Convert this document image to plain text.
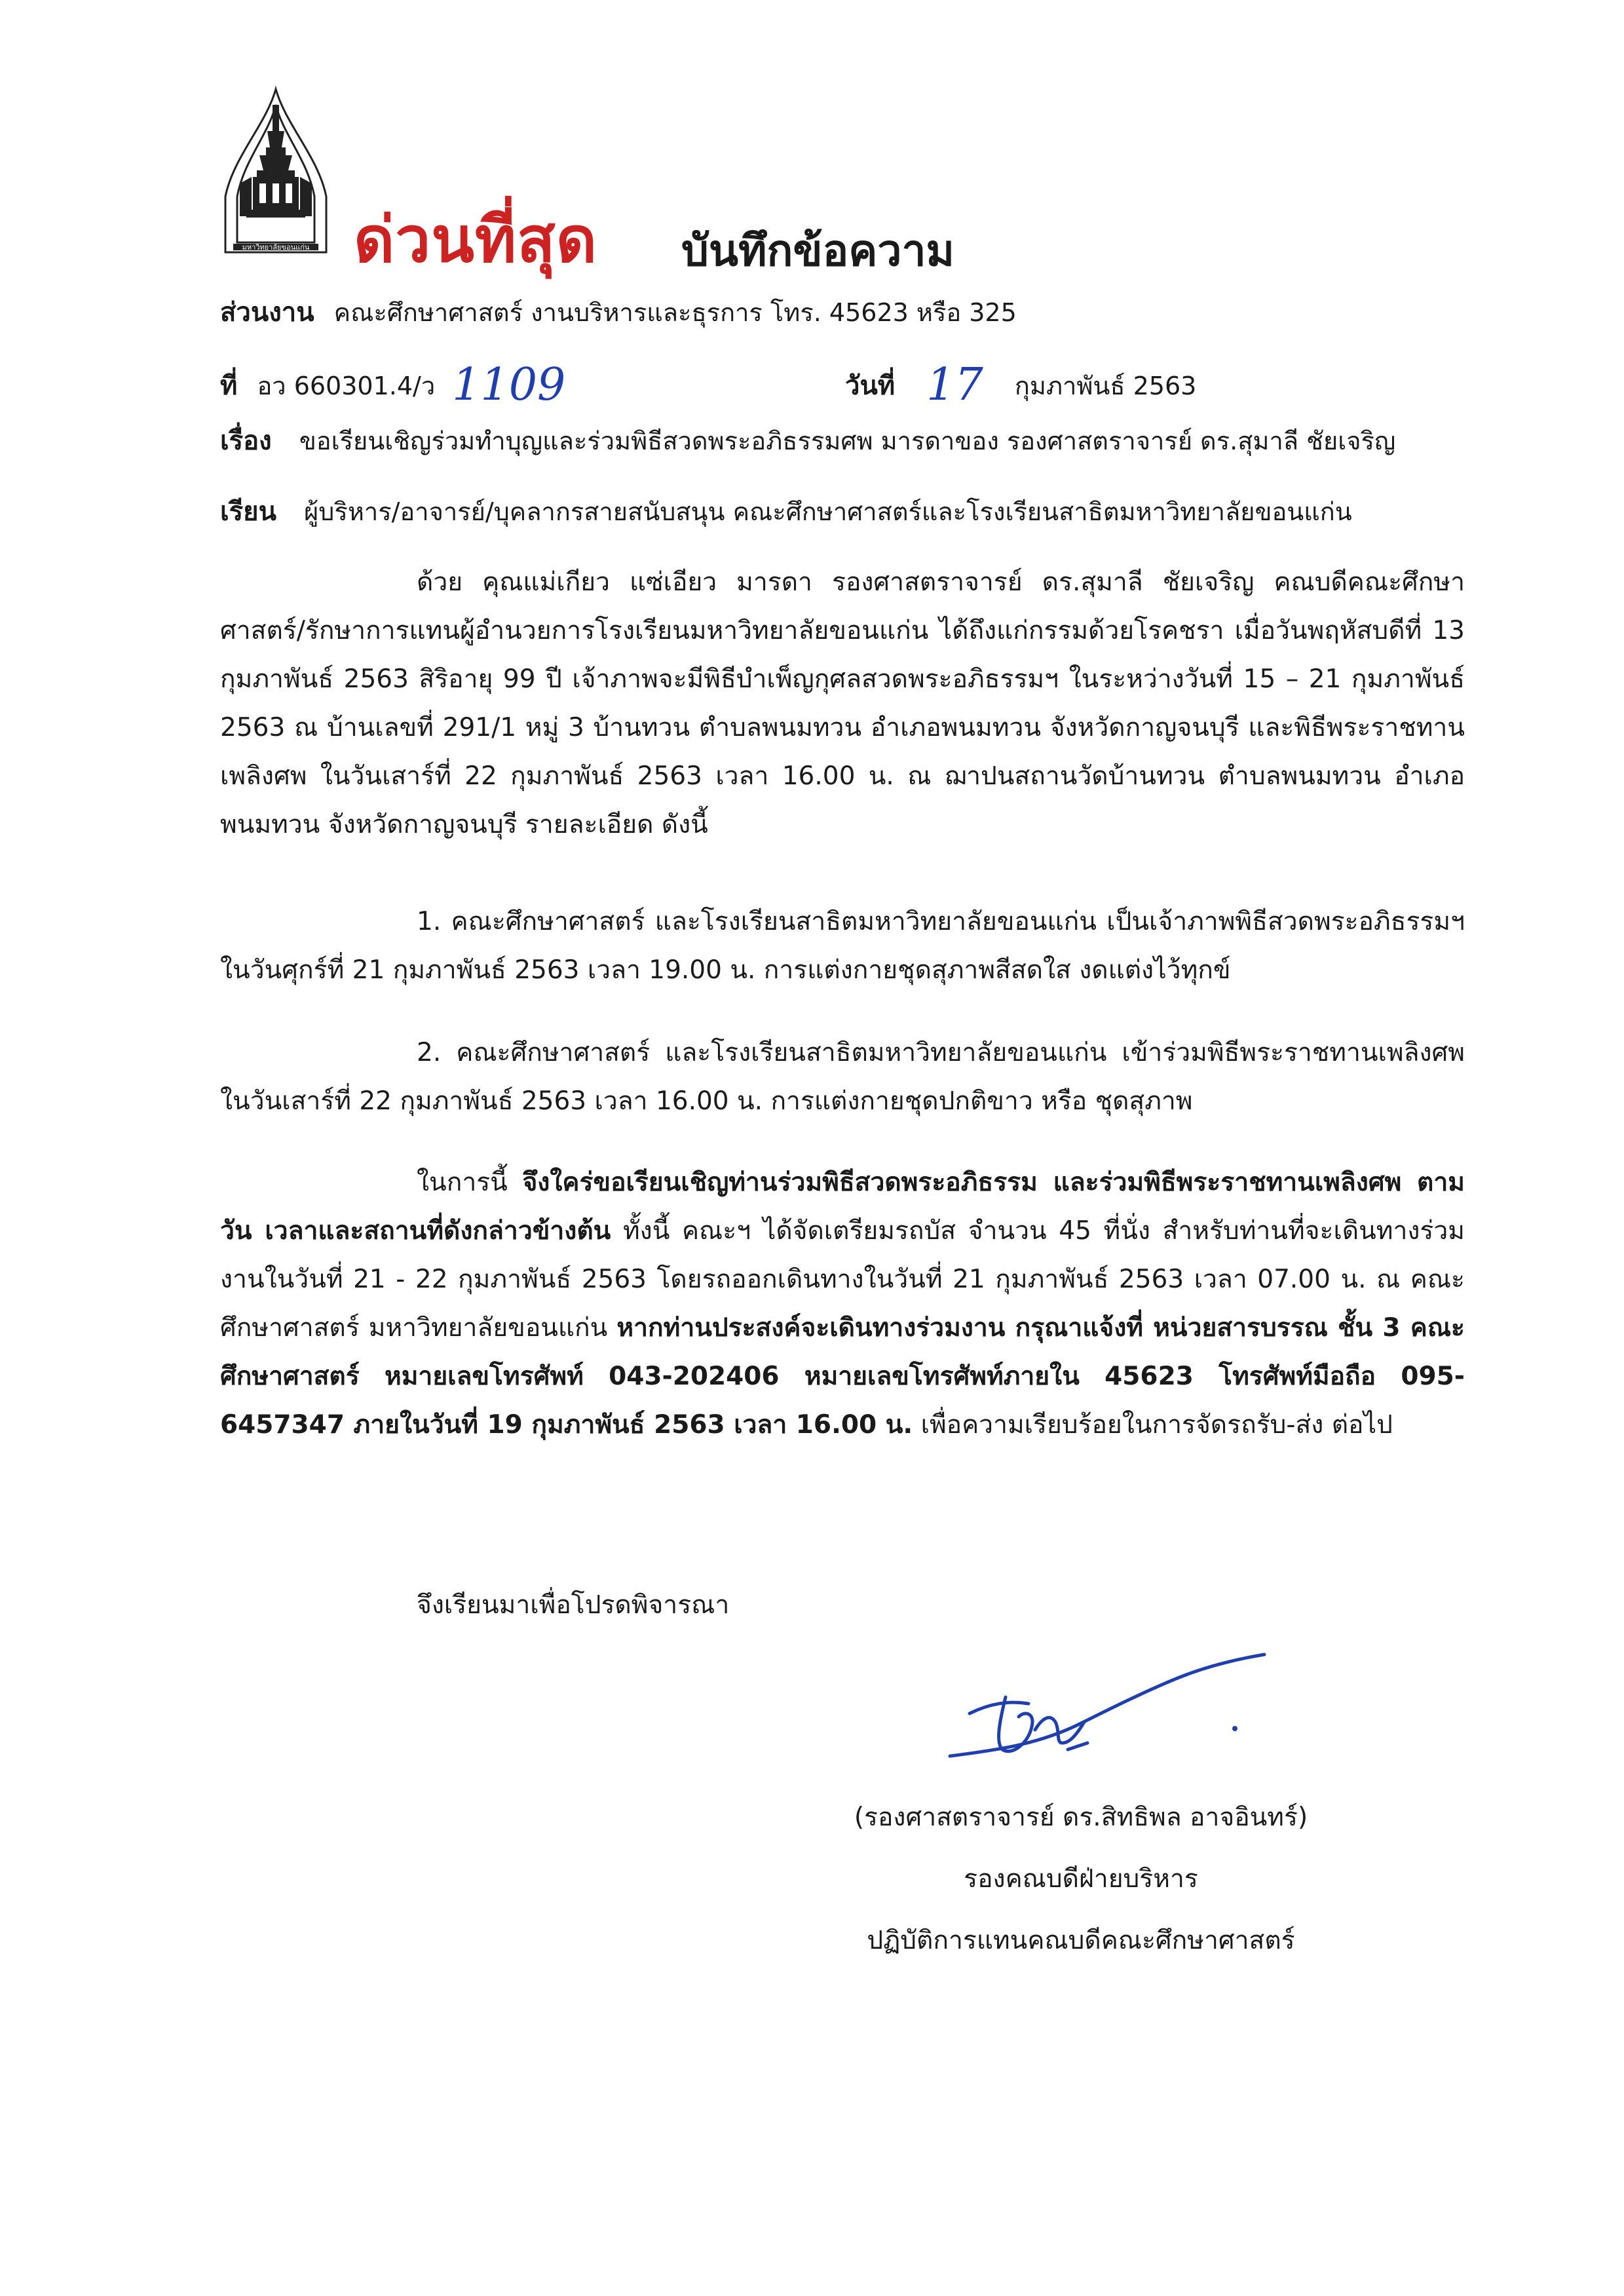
มหาวิทยาลัยขอนแก่น ด่วนที่สุด บันทึกข้อความ
ส่วนงาน คณะศึกษาศาสตร์ งานบริหารและธุรการ โทร. 45623 หรือ 325
ที่ อว 660301.4/ว 1109	วันที่ 17 กุมภาพันธ์ 2563
เรื่อง ขอเรียนเชิญร่วมทำบุญและร่วมพิธีสวดพระอภิธรรมศพ มารดาของ รองศาสตราจารย์ ดร.สุมาลี ชัยเจริญ
เรียน ผู้บริหาร/อาจารย์/บุคลากรสายสนับสนุน คณะศึกษาศาสตร์และโรงเรียนสาธิตมหาวิทยาลัยขอนแก่น

ด้วย คุณแม่เกียว แซ่เอียว มารดา รองศาสตราจารย์ ดร.สุมาลี ชัยเจริญ คณบดีคณะศึกษาศาสตร์/รักษาการแทนผู้อำนวยการโรงเรียนมหาวิทยาลัยขอนแก่น ได้ถึงแก่กรรมด้วยโรคชรา เมื่อวันพฤหัสบดีที่ 13 กุมภาพันธ์ 2563 สิริอายุ 99 ปี เจ้าภาพจะมีพิธีบำเพ็ญกุศลสวดพระอภิธรรมฯ ในระหว่างวันที่ 15 – 21 กุมภาพันธ์ 2563 ณ บ้านเลขที่ 291/1 หมู่ 3 บ้านทวน ตำบลพนมทวน อำเภอพนมทวน จังหวัดกาญจนบุรี และพิธีพระราชทานเพลิงศพ ในวันเสาร์ที่ 22 กุมภาพันธ์ 2563 เวลา 16.00 น. ณ ฌาปนสถานวัดบ้านทวน ตำบลพนมทวน อำเภอพนมทวน จังหวัดกาญจนบุรี รายละเอียด ดังนี้

1. คณะศึกษาศาสตร์ และโรงเรียนสาธิตมหาวิทยาลัยขอนแก่น เป็นเจ้าภาพพิธีสวดพระอภิธรรมฯ ในวันศุกร์ที่ 21 กุมภาพันธ์ 2563 เวลา 19.00 น. การแต่งกายชุดสุภาพสีสดใส งดแต่งไว้ทุกข์

2. คณะศึกษาศาสตร์ และโรงเรียนสาธิตมหาวิทยาลัยขอนแก่น เข้าร่วมพิธีพระราชทานเพลิงศพ ในวันเสาร์ที่ 22 กุมภาพันธ์ 2563 เวลา 16.00 น. การแต่งกายชุดปกติขาว หรือ ชุดสุภาพ

ในการนี้ จึงใคร่ขอเรียนเชิญท่านร่วมพิธีสวดพระอภิธรรม และร่วมพิธีพระราชทานเพลิงศพ ตามวัน เวลาและสถานที่ดังกล่าวข้างต้น ทั้งนี้ คณะฯ ได้จัดเตรียมรถบัส จำนวน 45 ที่นั่ง สำหรับท่านที่จะเดินทางร่วมงานในวันที่ 21 - 22 กุมภาพันธ์ 2563 โดยรถออกเดินทางในวันที่ 21 กุมภาพันธ์ 2563 เวลา 07.00 น. ณ คณะศึกษาศาสตร์ มหาวิทยาลัยขอนแก่น หากท่านประสงค์จะเดินทางร่วมงาน กรุณาแจ้งที่ หน่วยสารบรรณ ชั้น 3 คณะศึกษาศาสตร์ หมายเลขโทรศัพท์ 043-202406 หมายเลขโทรศัพท์ภายใน 45623 โทรศัพท์มือถือ 095-6457347 ภายในวันที่ 19 กุมภาพันธ์ 2563 เวลา 16.00 น. เพื่อความเรียบร้อยในการจัดรถรับ-ส่ง ต่อไป

จึงเรียนมาเพื่อโปรดพิจารณา
(รองศาสตราจารย์ ดร.สิทธิพล อาจอินทร์)
รองคณบดีฝ่ายบริหาร
ปฏิบัติการแทนคณบดีคณะศึกษาศาสตร์
